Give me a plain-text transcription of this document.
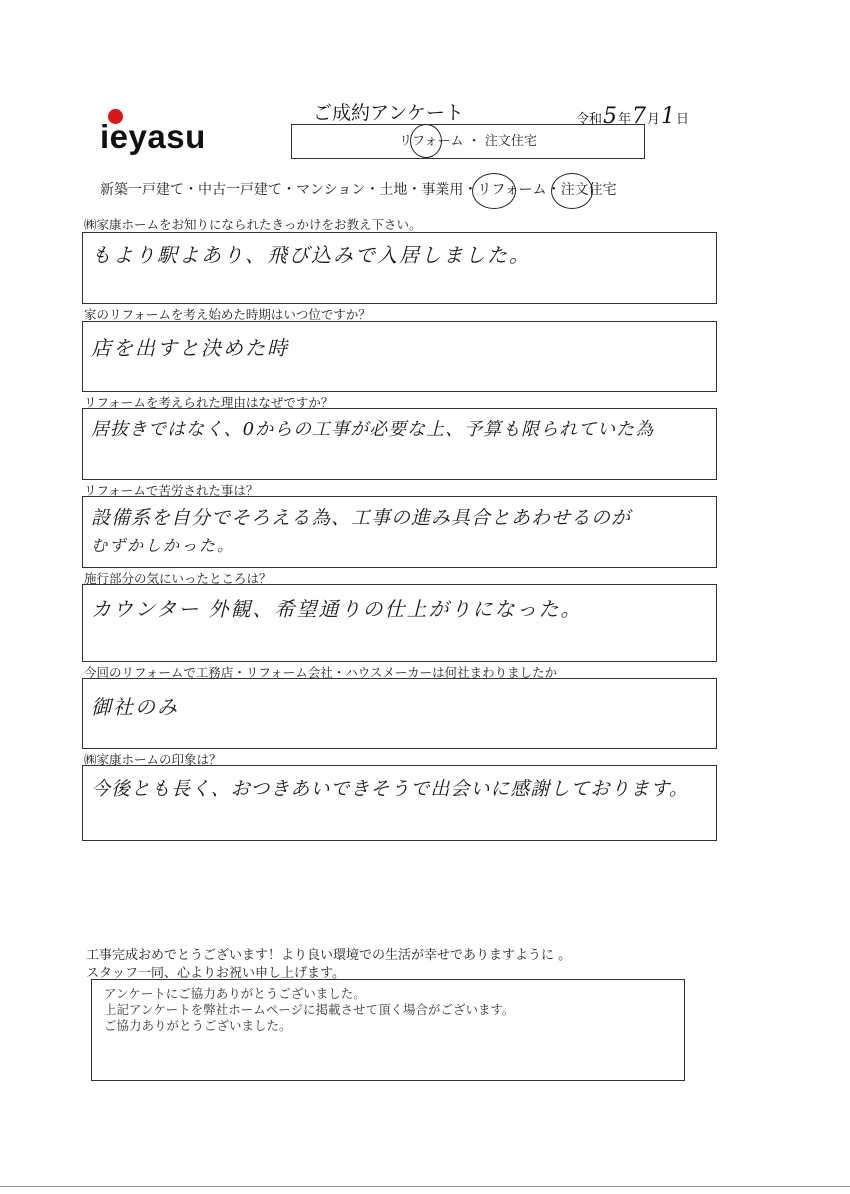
ieyasu
ご成約アンケート	令和5年7月1日
リフォーム ・ 注文住宅
新築一戸建て・中古一戸建て・マンション・土地・事業用・リフォーム・注文住宅
㈱家康ホームをお知りになられたきっかけをお教え下さい。
もより駅よあり、飛び込みで入居しました。
家のリフォームを考え始めた時期はいつ位ですか？
店を出すと決めた時
リフォームを考えられた理由はなぜですか？
居抜きではなく、0からの工事が必要な上、予算も限られていた為
リフォームで苦労された事は？
設備系を自分でそろえる為、工事の進み具合とあわせるのが
むずかしかった。
施行部分の気にいったところは？
カウンター 外観、希望通りの仕上がりになった。
今回のリフォームで工務店・リフォーム会社・ハウスメーカーは何社まわりましたか
御社のみ
㈱家康ホームの印象は？
今後とも長く、おつきあいできそうで出会いに感謝しております。
工事完成おめでとうございます！より良い環境での生活が幸せでありますように 。
スタッフ一同、心よりお祝い申し上げます。
アンケートにご協力ありがとうございました。
上記アンケートを弊社ホームページに掲載させて頂く場合がございます。
ご協力ありがとうございました。
